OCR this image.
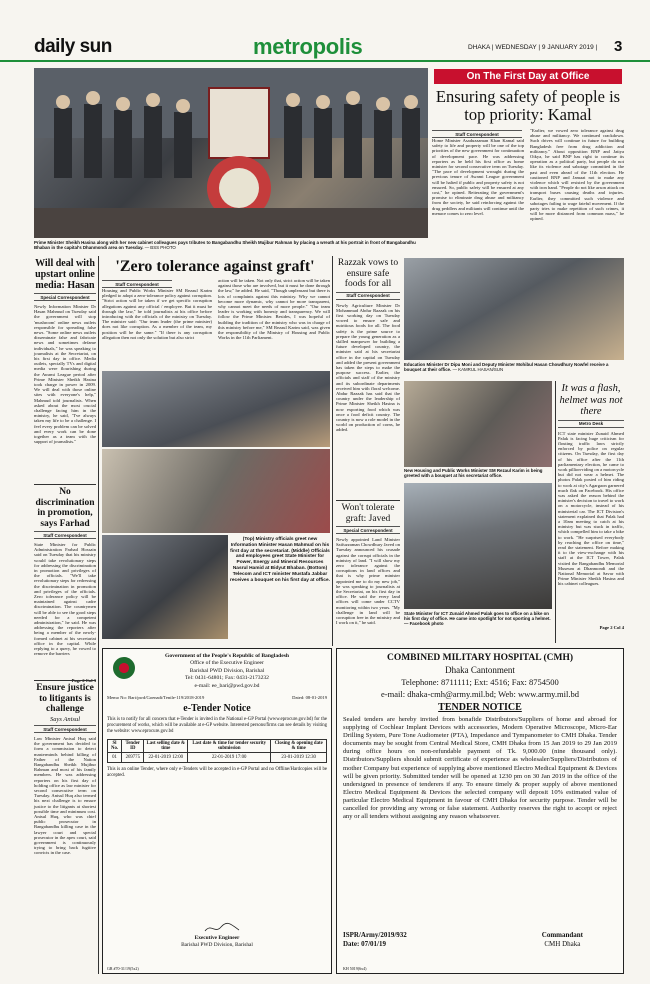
daily sun	metropolis	DHAKA | WEDNESDAY | 9 JANUARY 2019 |	3
Prime Minister Sheikh Hasina along with her new cabinet colleagues pays tributes to Bangabandhu Sheikh Mujibur Rahman by placing a wreath at his portrait in front of Bangabandhu Bhaban in the capital's Dhanmondi area on Tuesday. — BSS PHOTO
On The First Day at Office
Ensuring safety of people is top priority: Kamal
Staff Correspondent
Home Minister Asaduzzaman Khan Kamal said safety to life and property will be one of the top priorities of the new government for continuation of development pace. He was addressing reporters as he held his first office as home minister for second consecutive term on Tuesday. "The pace of development wrought during the previous tenure of Awami League government will be halted if public and property safety is not ensured. So, public safety will be ensured at any cost," he opined. Reiterating the government's promise to eliminate drug abuse and militancy from the society, he said reinforcing against the drug peddlers and militants will continue until the menace comes to zero level.
"Earlier, we vowed zero tolerance against drug abuse and militancy. We continued crackdown. Such drives will continue in future for building Bangladesh free from drug addiction and militancy." About opposition BNP and Jatiya Oikya, he said BNP has right to continue its operation as a political party, but people do not like its violence and sabotage committed in the past and even ahead of the 11th election. He cautioned BNP and Jamaat not to make any violence which will resisted by the government with iron hand. "People do not like arson attack on transport buses causing deaths and injuries. Earlier, they committed such violence and sabotages failing to wage fateful movement. If the party tries to make repetition of such crimes, it will be more distanced from common mass," he opined.
Will deal with upstart online media: Hasan
Special Correspondent
Newly Information Minister Dr Hasan Mahmud on Tuesday said the government will stop 'mushroom' online news outlets responsible for spreading false news. "Some online news outlets disseminate false and fabricate news and sometimes defame individuals," he was speaking to journalists at the Secretariat, on his first day in office. Media outlets, specially TVs and digital media were flourishing during the Awami League period after Prime Minister Sheikh Hasina took charge in power in 2009. We will deal with those online sites with everyone's help," Mahmud told journalists. When asked about the most crucial challenge facing him in the ministry, he said, "I've always taken my life to be a challenge. I feel every problem can be solved and every work can be done together as a team with the support of journalists."
No discrimination in promotion, says Farhad
Staff Correspondent
State Minister for Public Administration Farhad Hossain said on Tuesday that his ministry would take revolutionary steps for addressing the discrimination in promotion and privileges of the officials. "We'll take revolutionary steps for redressing the discrimination in promotion and privileges of the officials. Zero tolerance policy will be maintained against cadre discrimination. The countrymen will be able to see the good steps needed for a competent administration," he said. He was addressing the reporters after being a member of the newly-formed cabinet at his secretariat office in the capital. While replying to a query, he vowed to remove the barriers
Page 2 Col 3
Ensure justice to litigants is challenge
Says Anisul
Staff Correspondent
Law Minister Anisul Huq said the government has decided to form a commission to detect masterminds behind killing of Father of the Nation Bangabandhu Sheikh Mujibur Rahman and most of his family members. He was addressing reporters on his first day of holding office as law minister for second consecutive term on Tuesday. Anisul Huq also termed his next challenge is to ensure justice to the litigants at shortest possible time and minimum cost. Anisul Huq, who was chief public prosecutor in Bangabandhu killing case in the lawyer court and special prosecutor in the apex court, said government is continuously trying to bring back fugitive convicts in the case.
'Zero tolerance against graft'
Staff Correspondent
Housing and Public Works Minister SM Rezaul Karim pledged to adopt a zero-tolerance policy against corruption. "Strict action will be taken if we get specific corruption allegations against any official / employee. But it must be through the law," he told journalists at his office before introducing with the officials of the ministry on Tuesday. The minister said: "Our team leader (the prime minister) does not like corruption. As a member of the team, my position will be the same." "If there is any corruption allegation then not only the solution but also strict
action will be taken. Not only that, strict action will be taken against those who are involved, but it must be done through the law," he added. He said, "Though unpleasant but there is lots of complaints against this ministry. Why we cannot become more dynamic, why cannot be more transparent, why cannot meet the needs of more people." "Our team leader is working with honesty and transparency. We will follow the Prime Minister. Besides, I was hopeful of building the tradition of the ministry who was in charge of this ministry before me," SM Rezaul Karim said, was given the responsibility of the Ministry of Housing and Public Works in the 11th Parliament.
(Top) Ministry officials greet new Information Minister Hasan Mahmud on his first day at the secretariat. (Middle) Officials and employees greet State Minister for Power, Energy and Mineral Resources Nasrul Hamid at Bidyut Bhaban. (Bottom) Telecom and ICT minister Mustafa Jabbar receives a bouquet on his first day at office.
Razzak vows to ensure safe foods for all
Staff Correspondent
Newly Agriculture Minister Dr Mohammad Abdur Razzak on his first working day on Tuesday vowed to ensure safe and nutritious foods for all. The food safety is the prime source to prepare the young generation as a skilled manpower for building a future developed country, the minister said at his secretariat office in the capital on Tuesday and added the present government has taken the steps to make the purpose success. Earlier, the officials and staff of the ministry and its subordinate departments received him with floral welcome. Abdur Razzak has said that the country under the leadership of Prime Minister Sheikh Hasina is now exporting food which was once a food deficit country. The country is now a role model in the world on production of corns, he added.
Won't tolerate graft: Javed
Special Correspondent
Newly appointed Land Minister Saifuzzaman Chowdhury Javed on Tuesday announced his crusade against the corrupt officials in the ministry of land. "I will show my zero tolerance against the corruptions in land offices and that is why prime minister appointed me to do my new job," he was speaking to journalists at the Secretariat, on his first day in office. He said the every land offices will come under CCTV monitoring within two years. "My challenge in land will be corruption free in the ministry and I work on it," he said.
Education Minister Dr Dipu Moni and Deputy Minister Mohibul Hasan Chowdhury Nowfel receive a bouquet at their office. — KAMRUL HASAN/SUN
New Housing and Public Works Minister SM Rezaul Karim is being greeted with a bouquet at his secretariat office.
State Minister for ICT Zunaid Ahmed Palak goes to office on a bike on his first day of office. He came into spotlight for not sporting a helmet. — Facebook photo
It was a flash, helmet was not there
Metro Desk
ICT state minister Zunaid Ahmed Palak is facing huge criticism for flouting traffic laws strictly enforced by police on regular citizens. On Tuesday, the first day of his office after the 11th parliamentary election, he came to work pillion-riding on a motorcycle but did not wear a helmet. The photos Palak posted of him riding to work at city's Agargaon garnered much flak on Facebook. His office was asked the reason behind the minister's decision to travel to work on a motorcycle, instead of his ministerial car. The ICT Division's statement explained that Palak had a 10am meeting to catch at his ministry but was stuck in traffic, which compelled him to take a bike to work. "He surprised everybody by reaching the office on time," read the statement. Before making it to the view-exchange with his staff at the ICT Tower, Palak visited the Bangabandhu Memorial Museum at Dhanmondi and the National Memorial at Savar with Prime Minister Sheikh Hasina and his cabinet colleagues.
Page 2 Col 4
Government of the People's Republic of Bangladesh
Office of the Executive Engineer
Barishal PWD Division, Barishal
Tel: 0431-64801; Fax: 0431-2173232
e-mail: ee_bari@pwd.gov.bd
Memo No: Bari/pwd/Goenadi/Tenile-119/2018-2019	Dated: 08-01-2019
e-Tender Notice
This is to notify for all concern that e-Tender is invited in the National e-GP Portal (www.eprocure.gov.bd) for the procurement of works, which will be available at e-GP website. Interested persons/firms can see details by visiting the website: www.eprocure.gov.bd
Sl No.	Tender ID	Last selling date & time	Last date & time for tender security submission	Closing & opening date & time
01	269775	22-01-2019 12:00	22-01-2019 17:00	23-01-2019 12:30
This is an online Tender, where only e-Tenders will be accepted in e-GP Portal and no Offline/Hardcopies will be accepted.
Executive Engineer
Barishal PWD Division, Barishal
GR #70-31/19(5x2)
COMBINED MILITARY HOSPITAL (CMH)
Dhaka Cantonment
Telephone: 8711111; Ext: 4516; Fax: 8754500
e-mail: dhaka-cmh@army.mil.bd; Web: www.army.mil.bd
TENDER NOTICE
Sealed tenders are hereby invited from bonafide Distributors/Suppliers of home and abroad for supplying of Cochlear Implant Devices with accessories, Modern Operative Microscope, Micro-Ear Drilling System, Pure Tone Audiometer (PTA), Impedance and Tympanometer to CMH Dhaka. Tender documents may be sought from Central Medical Store, CMH Dhaka from 15 Jan 2019 to 29 Jan 2019 during office hours on non-refundable payment of Tk. 9,000.00 (nine thousand only). Distributors/Suppliers should submit certificate of experience as wholesaler/Suppliers/Distributors of mother Company but experience of supplying above mentioned Electro Medical Equipment & Devices will be given priority. Submitted tender will be opened at 1230 pm on 30 Jan 2019 in the office of the undersigned in presence of tenderers if any. To ensure timely & proper supply of above mentioned Electro Medical Equipment & Devices the selected company will deposit 10% estimated value of particular Electro Medical Equipment in favour of CMH Dhaka for security purpose. Tender will be cancelled for providing any wrong or false statement. Authority reserves the right to accept or reject any or all tenders without assigning any reason whatsoever.
ISPR/Army/2019/932
Date: 07/01/19
Commandant
CMH Dhaka
KH 5019(6x4)
